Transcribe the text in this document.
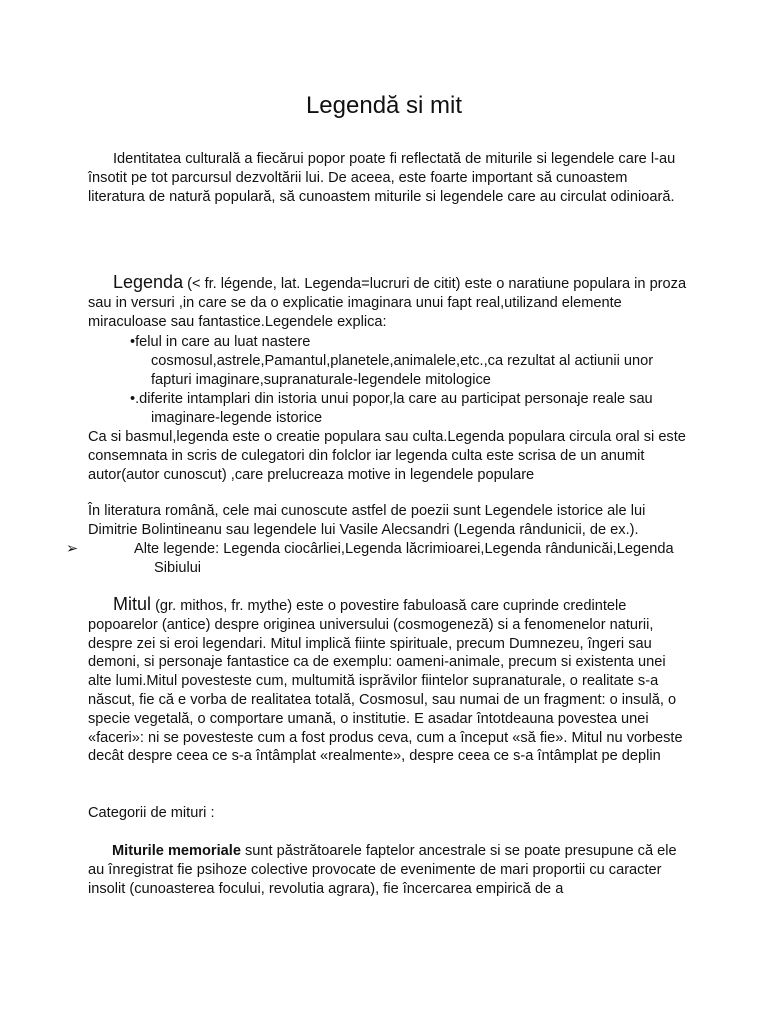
Legendă si mit

Identitatea culturală a fiecărui popor poate fi reflectată de miturile si legendele care l-au însotit pe tot parcursul dezvoltării lui. De aceea, este foarte important să cunoastem literatura de natură populară, să cunoastem miturile si legendele care au circulat odinioară.

Legenda (< fr. légende, lat. Legenda=lucruri de citit) este o naratiune populara in proza sau in versuri ,in care se da o explicatie imaginara unui fapt real,utilizand elemente miraculoase sau fantastice.Legendele explica:

•felul in care au luat nastere
cosmosul,astrele,Pamantul,planetele,animalele,etc.,ca rezultat al actiunii unor fapturi imaginare,supranaturale-legendele mitologice
•.diferite intamplari din istoria unui popor,la care au participat personaje reale sau
imaginare-legende istorice

Ca si basmul,legenda este o creatie populara sau culta.Legenda populara circula oral si este consemnata in scris de culegatori din folclor iar legenda culta este scrisa de un anumit autor(autor cunoscut) ,care prelucreaza motive in legendele populare

În literatura română, cele mai cunoscute astfel de poezii sunt Legendele istorice ale lui Dimitrie Bolintineanu sau legendele lui Vasile Alecsandri (Legenda rândunicii, de ex.).

➢	Alte legende: Legenda ciocârliei,Legenda lăcrimioarei,Legenda rândunicăi,Legenda Sibiului

Mitul (gr. mithos, fr. mythe) este o povestire fabuloasă care cuprinde credintele popoarelor (antice) despre originea universului (cosmogeneză) si a fenomenelor naturii, despre zei si eroi legendari. Mitul implică fiinte spirituale, precum Dumnezeu, îngeri sau demoni, si personaje fantastice ca de exemplu: oameni-animale, precum si existenta unei alte lumi.Mitul povesteste cum, multumită isprăvilor fiintelor supranaturale, o realitate s-a născut, fie că e vorba de realitatea totală, Cosmosul, sau numai de un fragment: o insulă, o specie vegetală, o comportare umană, o institutie. E asadar întotdeauna povestea unei «faceri»: ni se povesteste cum a fost produs ceva, cum a început «să fie». Mitul nu vorbeste decât despre ceea ce s-a întâmplat «realmente», despre ceea ce s-a întâmplat pe deplin

Categorii de mituri :

Miturile memoriale sunt păstrătoarele faptelor ancestrale si se poate presupune că ele au înregistrat fie psihoze colective provocate de evenimente de mari proportii cu caracter insolit (cunoasterea focului, revolutia agrara), fie încercarea empirică de a
